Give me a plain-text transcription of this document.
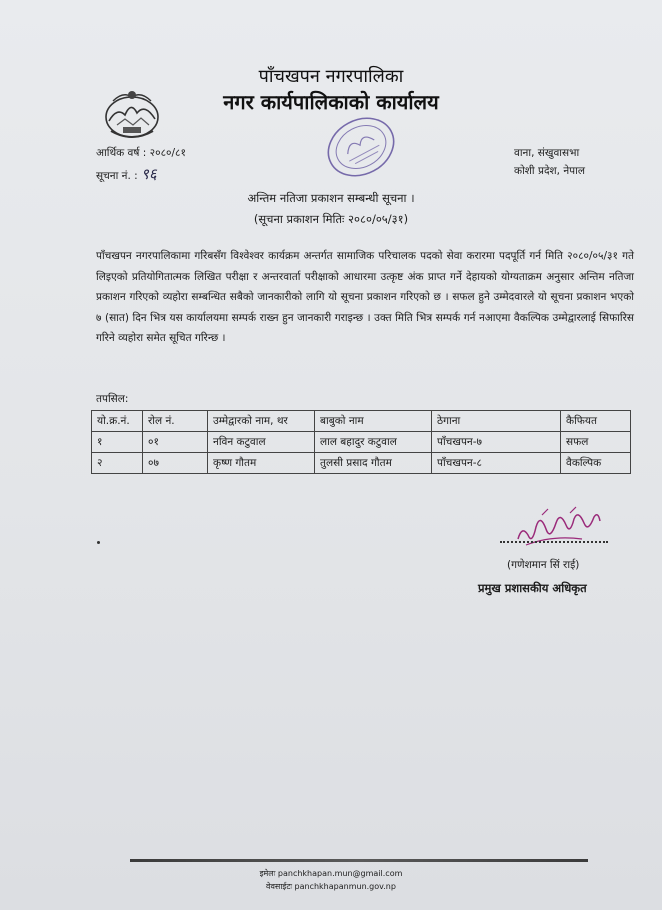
पाँचखपन नगरपालिका
नगर कार्यपालिकाको कार्यालय
आर्थिक वर्ष : २०८०/८१
सूचना नं. : ९६
वाना, संखुवासभा
कोशी प्रदेश, नेपाल
अन्तिम नतिजा प्रकाशन सम्बन्धी सूचना ।
(सूचना प्रकाशन मितिः २०८०/०५/३१)
पाँचखपन नगरपालिकामा गरिबसँग विश्वेश्वर कार्यक्रम अन्तर्गत सामाजिक परिचालक पदको सेवा करारमा पदपूर्ति गर्न मिति २०८०/०५/३१ गते लिइएको प्रतियोगितात्मक लिखित परीक्षा र अन्तरवार्ता परीक्षाको आधारमा उत्कृष्ट अंक प्राप्त गर्ने देहायको योग्यताक्रम अनुसार अन्तिम नतिजा प्रकाशन गरिएको व्यहोरा सम्बन्धित सबैको जानकारीको लागि यो सूचना प्रकाशन गरिएको छ । सफल हुने उम्मेदवारले यो सूचना प्रकाशन भएको ७ (सात) दिन भित्र यस कार्यालयमा सम्पर्क राख्न हुन जानकारी गराइन्छ । उक्त मिति भित्र सम्पर्क गर्न नआएमा वैकल्पिक उम्मेद्वारलाई सिफारिस गरिने व्यहोरा समेत सूचित गरिन्छ ।
तपसिल:
यो.क्र.नं.	रोल नं.	उम्मेद्वारको नाम, थर	बाबुको नाम	ठेगाना	कैफियत
१	०१	नविन कटुवाल	लाल बहादुर कटुवाल	पाँचखपन-७	सफल
२	०७	कृष्ण गौतम	तुलसी प्रसाद गौतम	पाँचखपन-८	वैकल्पिक
(गणेशमान सिं राई)
प्रमुख प्रशासकीय अधिकृत
इमेलः panchkhapan.mun@gmail.com
वेवसाईटः panchkhapanmun.gov.np
